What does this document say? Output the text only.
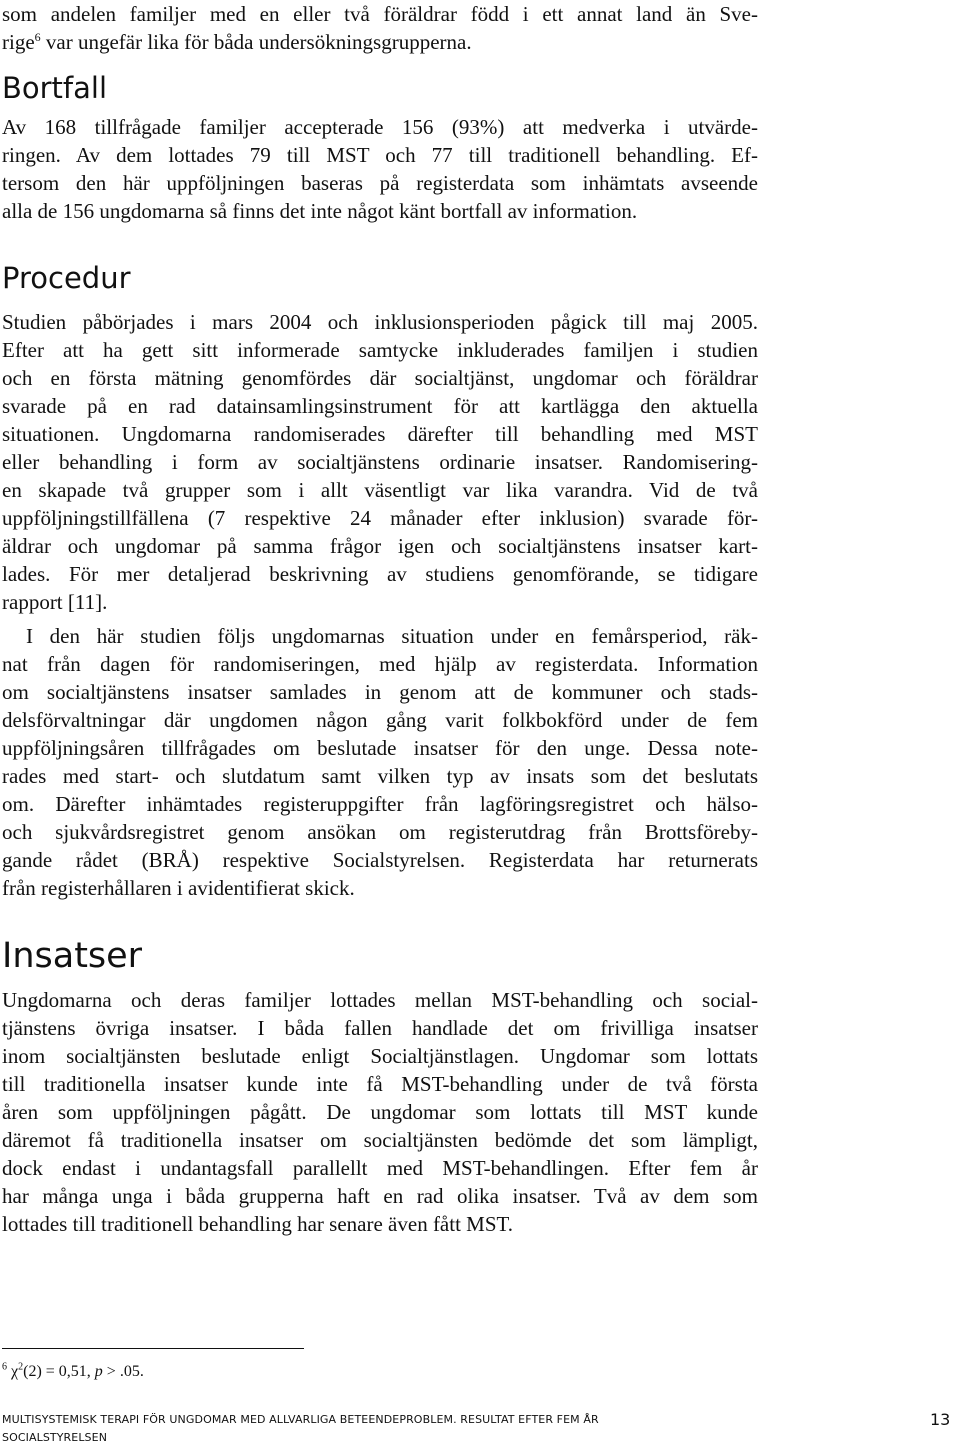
som andelen familjer med en eller två föräldrar född i ett annat land än Sve-
rige$^6$ var ungefär lika för båda undersökningsgrupperna.
Bortfall
Av 168 tillfrågade familjer accepterade 156 (93%) att medverka i utvärde-
ringen. Av dem lottades 79 till MST och 77 till traditionell behandling. Ef-
tersom den här uppföljningen baseras på registerdata som inhämtats avseende
alla de 156 ungdomarna så finns det inte något känt bortfall av information.
Procedur
Studien påbörjades i mars 2004 och inklusionsperioden pågick till maj 2005.
Efter att ha gett sitt informerade samtycke inkluderades familjen i studien
och en första mätning genomfördes där socialtjänst, ungdomar och föräldrar
svarade på en rad datainsamlingsinstrument för att kartlägga den aktuella
situationen. Ungdomarna randomiserades därefter till behandling med MST
eller behandling i form av socialtjänstens ordinarie insatser. Randomisering-
en skapade två grupper som i allt väsentligt var lika varandra. Vid de två
uppföljningstillfällena (7 respektive 24 månader efter inklusion) svarade för-
äldrar och ungdomar på samma frågor igen och socialtjänstens insatser kart-
lades. För mer detaljerad beskrivning av studiens genomförande, se tidigare
rapport [11].
I den här studien följs ungdomarnas situation under en femårsperiod, räk-
nat från dagen för randomiseringen, med hjälp av registerdata. Information
om socialtjänstens insatser samlades in genom att de kommuner och stads-
delsförvaltningar där ungdomen någon gång varit folkbokförd under de fem
uppföljningsåren tillfrågades om beslutade insatser för den unge. Dessa note-
rades med start- och slutdatum samt vilken typ av insats som det beslutats
om. Därefter inhämtades registeruppgifter från lagföringsregistret och hälso-
och sjukvårdsregistret genom ansökan om registerutdrag från Brottsföreby-
gande rådet (BRÅ) respektive Socialstyrelsen. Registerdata har returnerats
från registerhållaren i avidentifierat skick.
Insatser
Ungdomarna och deras familjer lottades mellan MST-behandling och social-
tjänstens övriga insatser. I båda fallen handlade det om frivilliga insatser
inom socialtjänsten beslutade enligt Socialtjänstlagen. Ungdomar som lottats
till traditionella insatser kunde inte få MST-behandling under de två första
åren som uppföljningen pågått. De ungdomar som lottats till MST kunde
däremot få traditionella insatser om socialtjänsten bedömde det som lämpligt,
dock endast i undantagsfall parallellt med MST-behandlingen. Efter fem år
har många unga i båda grupperna haft en rad olika insatser. Två av dem som
lottades till traditionell behandling har senare även fått MST.
$^6$ $\chi^2(2) = 0,51$, p > .05.
MULTISYSTEMISK TERAPI FÖR UNGDOMAR MED ALLVARLIGA BETEENDEPROBLEM. RESULTAT EFTER FEM ÅR
SOCIALSTYRELSEN
13
